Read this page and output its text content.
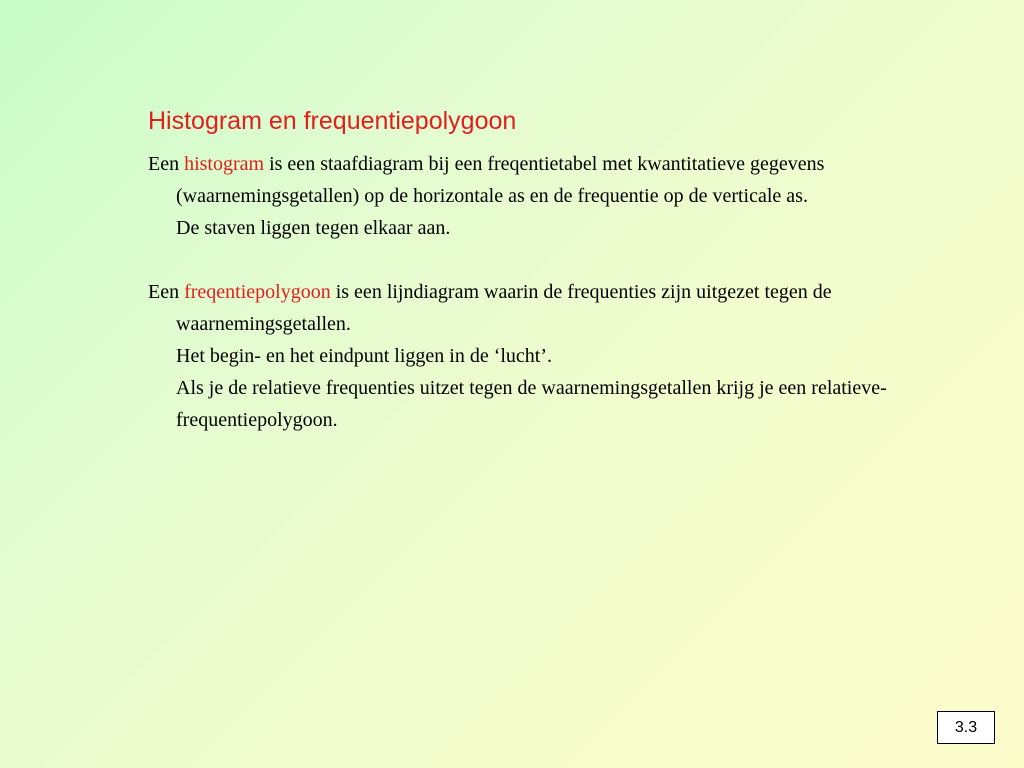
Histogram en frequentiepolygoon

Een histogram is een staafdiagram bij een freqentietabel met kwantitatieve gegevens (waarnemingsgetallen) op de horizontale as en de frequentie op de verticale as.
De staven liggen tegen elkaar aan.

Een freqentiepolygoon is een lijndiagram waarin de frequenties zijn uitgezet tegen de waarnemingsgetallen.
Het begin- en het eindpunt liggen in de ‘lucht’.
Als je de relatieve frequenties uitzet tegen de waarnemingsgetallen krijg je een relatieve-frequentiepolygoon.

3.3
